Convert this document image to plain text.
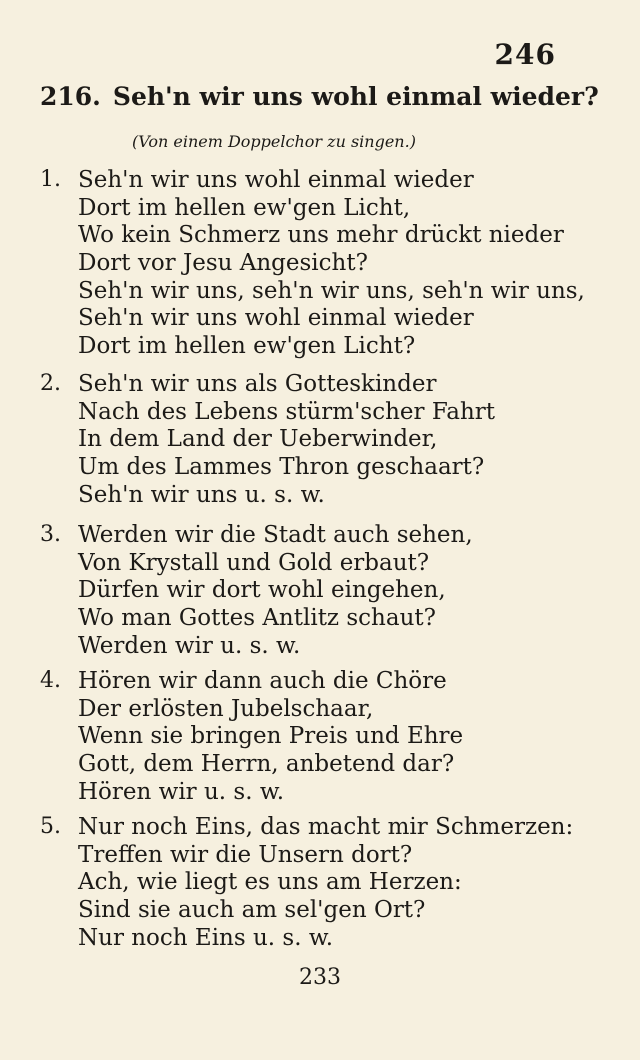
246
216. Seh'n wir uns wohl einmal wieder?
(Von einem Doppelchor zu singen.)
1. Seh'n wir uns wohl einmal wieder
Dort im hellen ew'gen Licht,
Wo kein Schmerz uns mehr drückt nieder
Dort vor Jesu Angesicht?
Seh'n wir uns, seh'n wir uns, seh'n wir uns,
Seh'n wir uns wohl einmal wieder
Dort im hellen ew'gen Licht?
2. Seh'n wir uns als Gotteskinder
Nach des Lebens stürm'scher Fahrt
In dem Land der Ueberwinder,
Um des Lammes Thron geschaart?
Seh'n wir uns u. s. w.
3. Werden wir die Stadt auch sehen,
Von Krystall und Gold erbaut?
Dürfen wir dort wohl eingehen,
Wo man Gottes Antlitz schaut?
Werden wir u. s. w.
4. Hören wir dann auch die Chöre
Der erlösten Jubelschaar,
Wenn sie bringen Preis und Ehre
Gott, dem Herrn, anbetend dar?
Hören wir u. s. w.
5. Nur noch Eins, das macht mir Schmerzen:
Treffen wir die Unsern dort?
Ach, wie liegt es uns am Herzen:
Sind sie auch am sel'gen Ort?
Nur noch Eins u. s. w.
233
